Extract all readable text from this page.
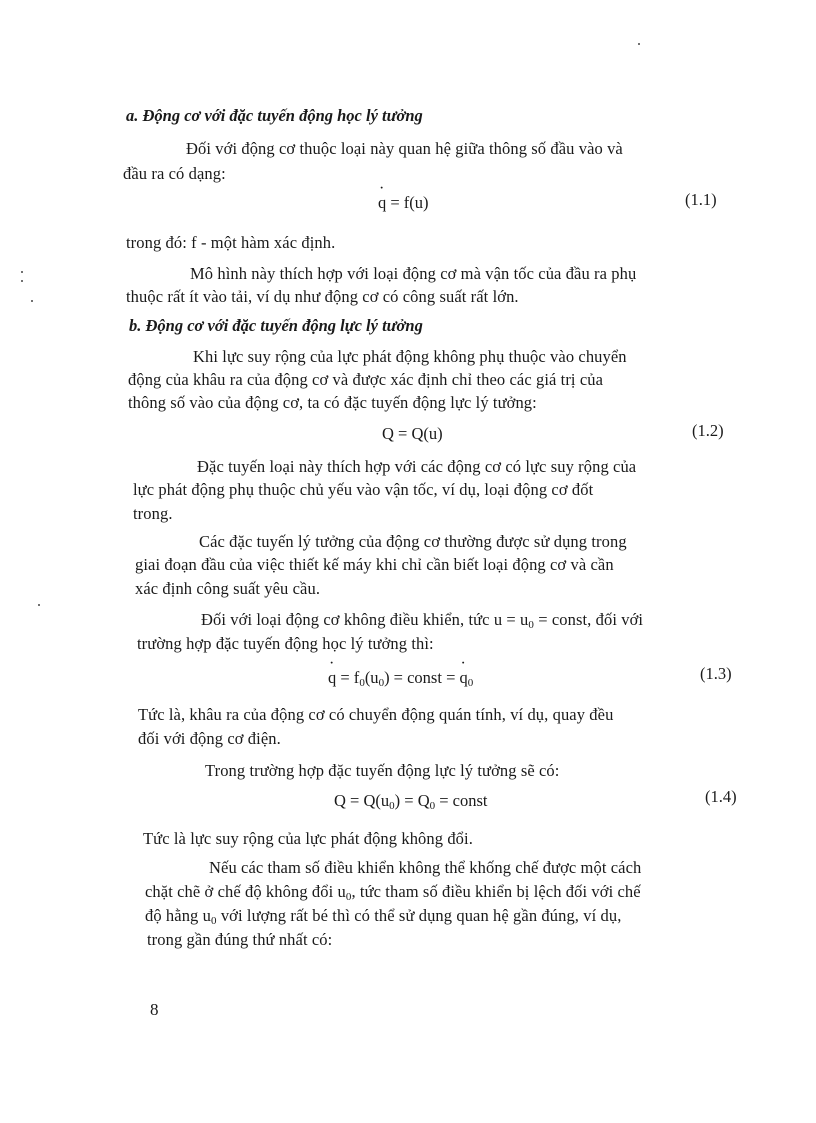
a. Động cơ với đặc tuyến động học lý tưởng

Đối với động cơ thuộc loại này quan hệ giữa thông số đầu vào và

đầu ra có dạng:

· q = f(u)	(1.1)

trong đó: f - một hàm xác định.

Mô hình này thích hợp với loại động cơ mà vận tốc của đầu ra phụ

thuộc rất ít vào tải, ví dụ như động cơ có công suất rất lớn.

b. Động cơ với đặc tuyến động lực lý tưởng

Khi lực suy rộng của lực phát động không phụ thuộc vào chuyển

động của khâu ra của động cơ và được xác định chỉ theo các giá trị của

thông số vào của động cơ, ta có đặc tuyến động lực lý tưởng:

Q = Q(u)	(1.2)

Đặc tuyến loại này thích hợp với các động cơ có lực suy rộng của

lực phát động phụ thuộc chủ yếu vào vận tốc, ví dụ, loại động cơ đốt

trong.

Các đặc tuyến lý tưởng của động cơ thường được sử dụng trong

giai đoạn đầu của việc thiết kế máy khi chỉ cần biết loại động cơ và cần

xác định công suất yêu cầu.

Đối với loại động cơ không điều khiển, tức $u = u_0$ = const, đối với

trường hợp đặc tuyến động học lý tưởng thì:

· $q = f_0(u_0)$ = const = · $q_0$	(1.3)

Tức là, khâu ra của động cơ có chuyển động quán tính, ví dụ, quay đều

đối với động cơ điện.

Trong trường hợp đặc tuyến động lực lý tưởng sẽ có:

$Q = Q(u_0) = Q_0$ = const	(1.4)

Tức là lực suy rộng của lực phát động không đổi.

Nếu các tham số điều khiển không thể khống chế được một cách

chặt chẽ ở chế độ không đổi $u_0$, tức tham số điều khiển bị lệch đối với chế

độ hằng $u_0$ với lượng rất bé thì có thể sử dụng quan hệ gần đúng, ví dụ,

trong gần đúng thứ nhất có:

8
